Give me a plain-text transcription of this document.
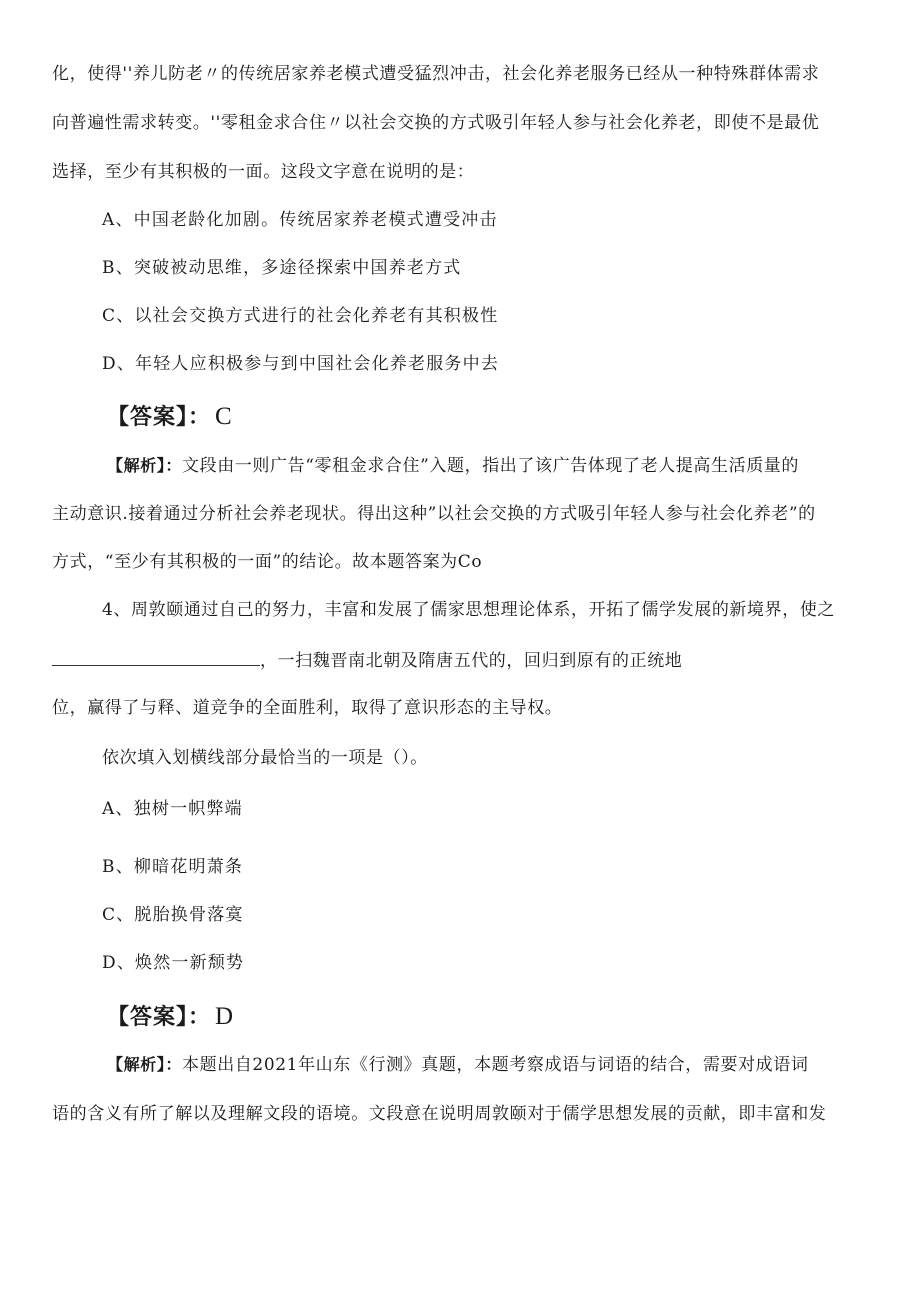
化，使得''养儿防老〃的传统居家养老模式遭受猛烈冲击，社会化养老服务已经从一种特殊群体需求
向普遍性需求转变。''零租金求合住〃以社会交换的方式吸引年轻人参与社会化养老，即使不是最优
选择，至少有其积极的一面。这段文字意在说明的是：
A、中国老龄化加剧。传统居家养老模式遭受冲击
B、突破被动思维，多途径探索中国养老方式
C、以社会交换方式进行的社会化养老有其积极性
D、年轻人应积极参与到中国社会化养老服务中去
【答案】： C
【解析】：文段由一则广告“零租金求合住”入题，指出了该广告体现了老人提高生活质量的
主动意识.接着通过分析社会养老现状。得出这种”以社会交换的方式吸引年轻人参与社会化养老”的
方式，“至少有其积极的一面”的结论。故本题答案为Co
4、周敦颐通过自己的努力，丰富和发展了儒家思想理论体系，开拓了儒学发展的新境界，使之
，一扫魏晋南北朝及隋唐五代的，回归到原有的正统地
位，赢得了与释、道竞争的全面胜利，取得了意识形态的主导权。
依次填入划横线部分最恰当的一项是（）。
A、独树一帜弊端
B、柳暗花明萧条
C、脱胎换骨落寞
D、焕然一新颓势
【答案】： D
【解析】：本题出自2021年山东《行测》真题，本题考察成语与词语的结合，需要对成语词
语的含义有所了解以及理解文段的语境。文段意在说明周敦颐对于儒学思想发展的贡献，即丰富和发
